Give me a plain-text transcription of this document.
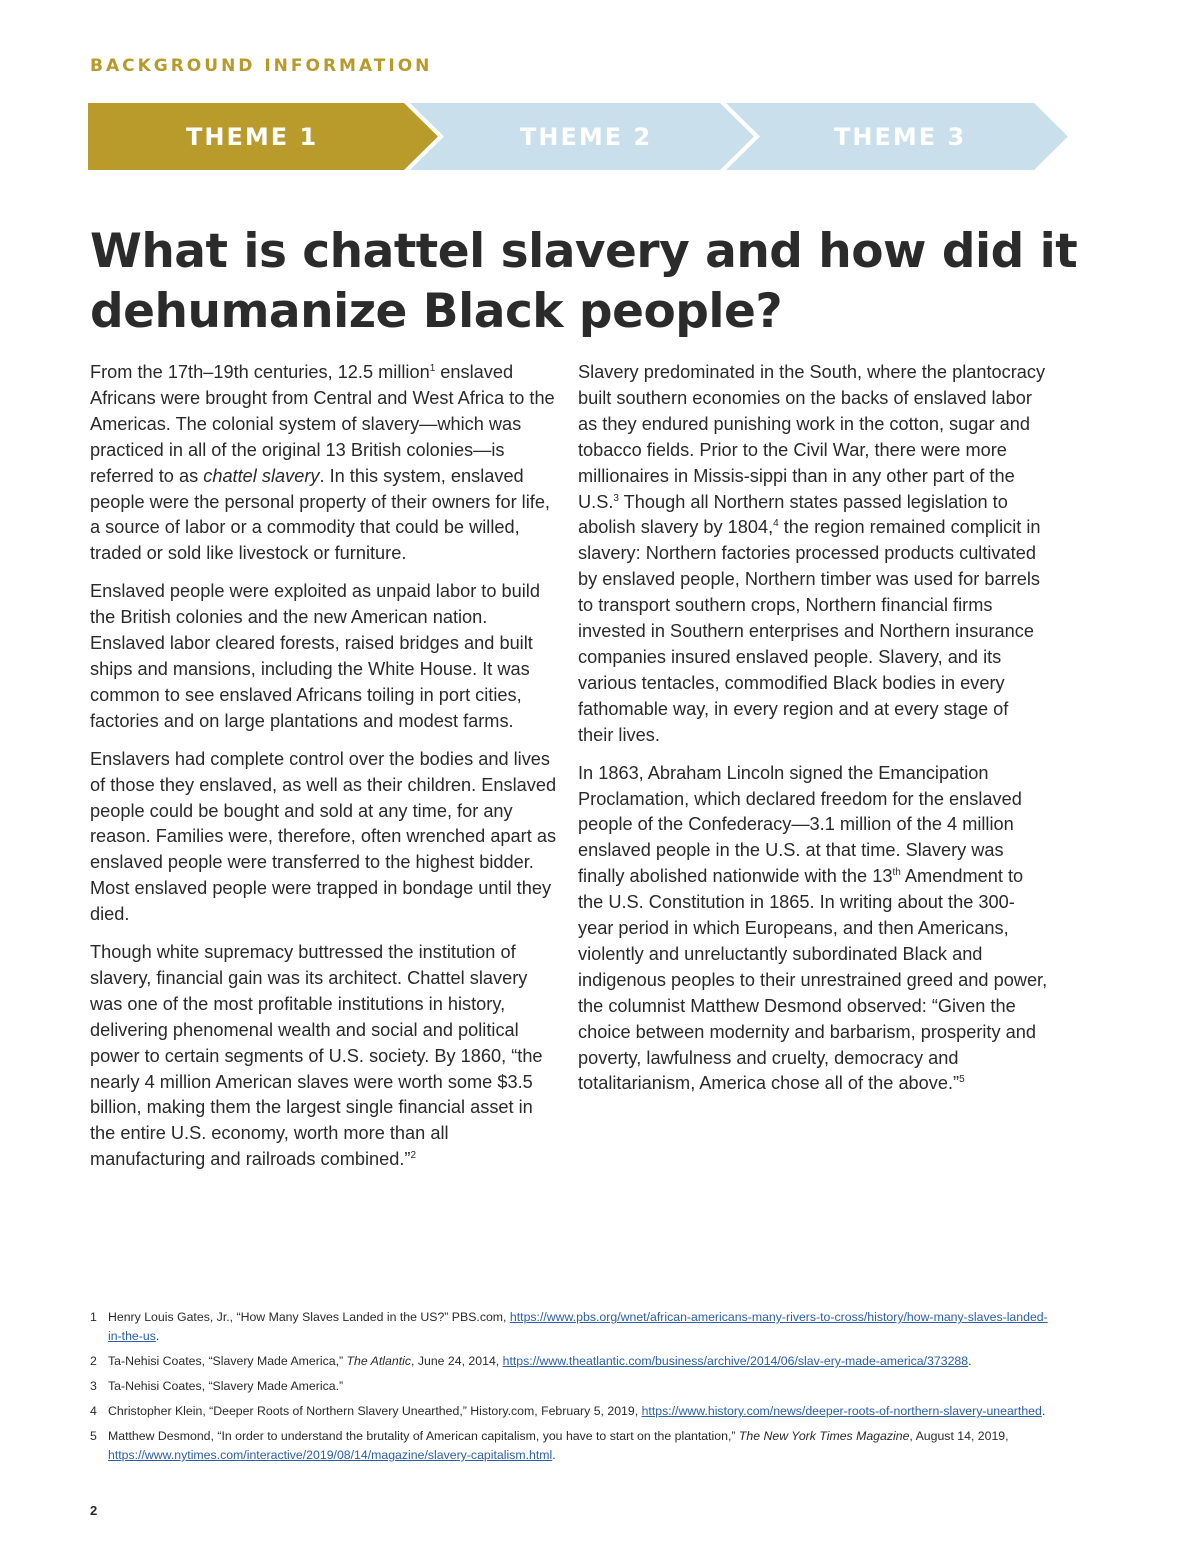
BACKGROUND INFORMATION
THEME 1	THEME 2	THEME 3
What is chattel slavery and how did it dehumanize Black people?

From the 17th–19th centuries, 12.5 million$^1$ enslaved Africans were brought from Central and West Africa to the Americas. The colonial system of slavery—which was practiced in all of the original 13 British colonies—is referred to as chattel slavery. In this system, enslaved people were the personal property of their owners for life, a source of labor or a commodity that could be willed, traded or sold like livestock or furniture.

Enslaved people were exploited as unpaid labor to build the British colonies and the new American nation. Enslaved labor cleared forests, raised bridges and built ships and mansions, including the White House. It was common to see enslaved Africans toiling in port cities, factories and on large plantations and modest farms.

Enslavers had complete control over the bodies and lives of those they enslaved, as well as their children. Enslaved people could be bought and sold at any time, for any reason. Families were, therefore, often wrenched apart as enslaved people were transferred to the highest bidder. Most enslaved people were trapped in bondage until they died.

Though white supremacy buttressed the institution of slavery, financial gain was its architect. Chattel slavery was one of the most profitable institutions in history, delivering phenomenal wealth and social and political power to certain segments of U.S. society. By 1860, “the nearly 4 million American slaves were worth some $3.5 billion, making them the largest single financial asset in the entire U.S. economy, worth more than all manufacturing and railroads combined.”$^2$

Slavery predominated in the South, where the plantocracy built southern economies on the backs of enslaved labor as they endured punishing work in the cotton, sugar and tobacco fields. Prior to the Civil War, there were more millionaires in Missis-sippi than in any other part of the U.S.$^3$ Though all Northern states passed legislation to abolish slavery by 1804,$^4$ the region remained complicit in slavery: Northern factories processed products cultivated by enslaved people, Northern timber was used for barrels to transport southern crops, Northern financial firms invested in Southern enterprises and Northern insurance companies insured enslaved people. Slavery, and its various tentacles, commodified Black bodies in every fathomable way, in every region and at every stage of their lives.

In 1863, Abraham Lincoln signed the Emancipation Proclamation, which declared freedom for the enslaved people of the Confederacy—3.1 million of the 4 million enslaved people in the U.S. at that time. Slavery was finally abolished nationwide with the 13th Amendment to the U.S. Constitution in 1865. In writing about the 300-year period in which Europeans, and then Americans, violently and unreluctantly subordinated Black and indigenous peoples to their unrestrained greed and power, the columnist Matthew Desmond observed: “Given the choice between modernity and barbarism, prosperity and poverty, lawfulness and cruelty, democracy and totalitarianism, America chose all of the above.”$^5$

1 Henry Louis Gates, Jr., “How Many Slaves Landed in the US?” PBS.com, https://www.pbs.org/wnet/african-americans-many-rivers-to-cross/history/how-many-slaves-landed-in-the-us.
2 Ta-Nehisi Coates, “Slavery Made America,” The Atlantic, June 24, 2014, https://www.theatlantic.com/business/archive/2014/06/slav-ery-made-america/373288.
3 Ta-Nehisi Coates, “Slavery Made America.”
4 Christopher Klein, “Deeper Roots of Northern Slavery Unearthed,” History.com, February 5, 2019, https://www.history.com/news/deeper-roots-of-northern-slavery-unearthed.
5 Matthew Desmond, “In order to understand the brutality of American capitalism, you have to start on the plantation,” The New York Times Magazine, August 14, 2019, https://www.nytimes.com/interactive/2019/08/14/magazine/slavery-capitalism.html.
2
